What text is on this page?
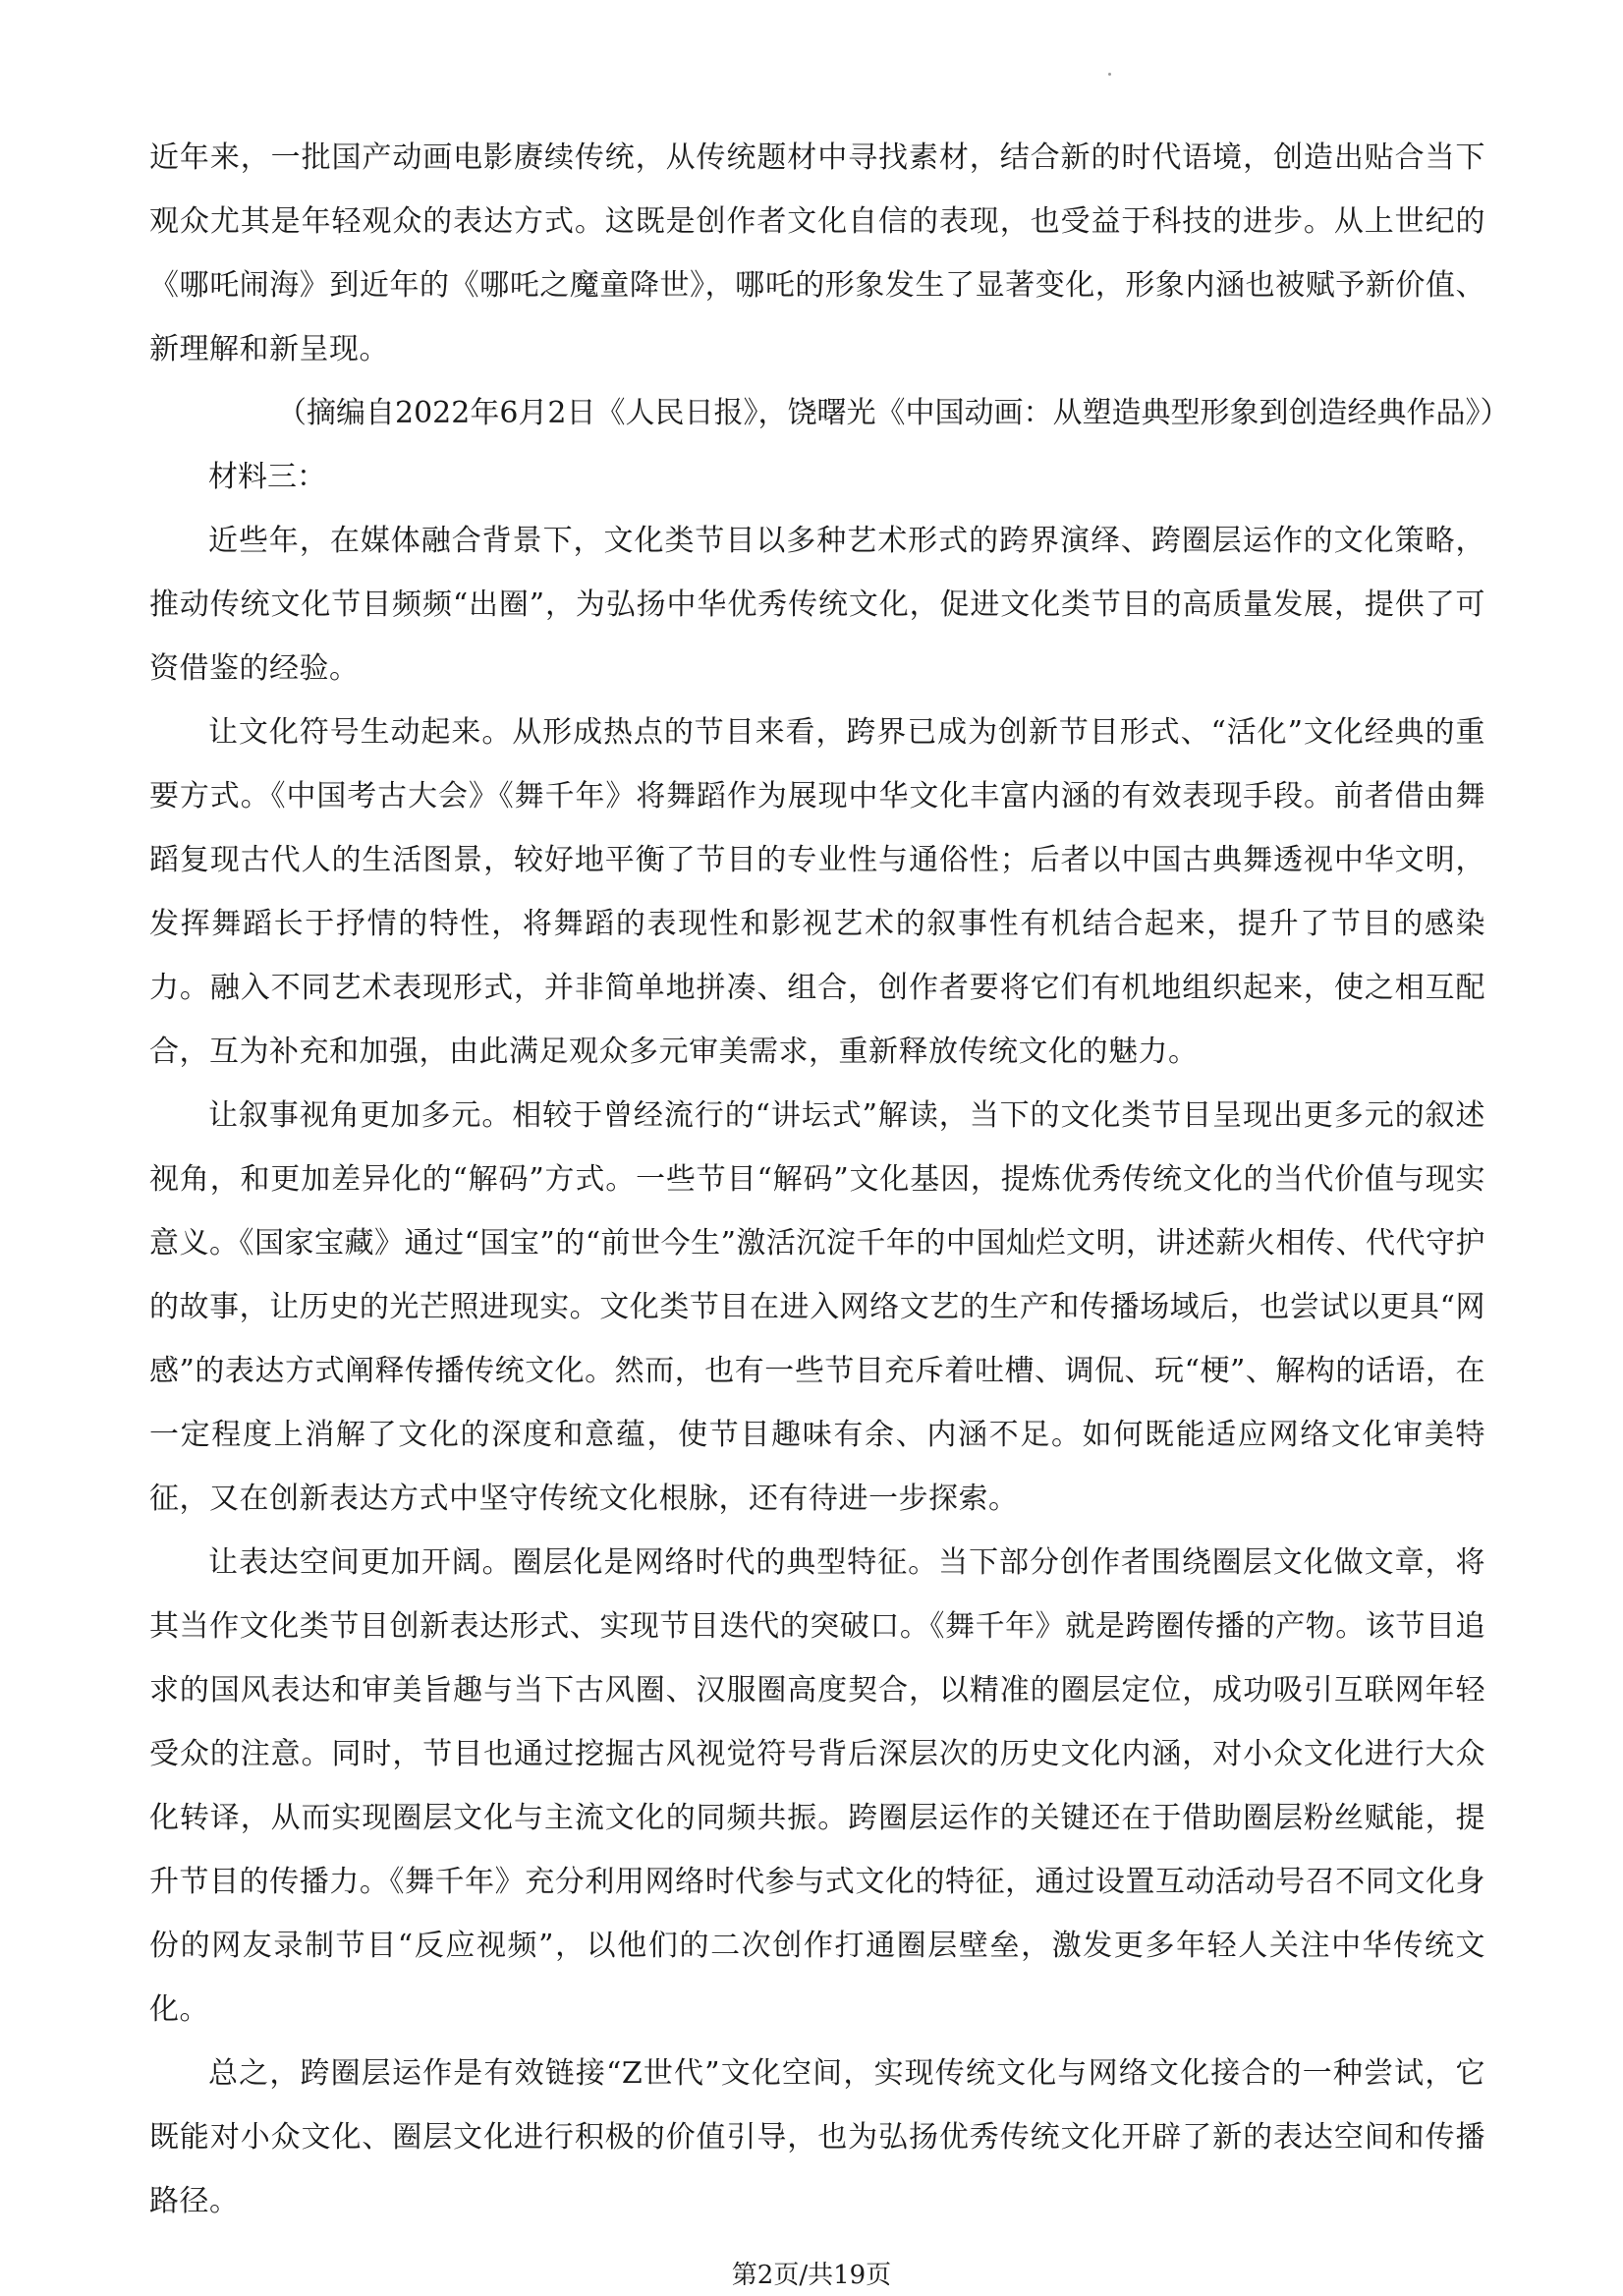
近年来，一批国产动画电影赓续传统，从传统题材中寻找素材，结合新的时代语境，创造出贴合当下观众尤其是年轻观众的表达方式。这既是创作者文化自信的表现，也受益于科技的进步。从上世纪的《哪吒闹海》到近年的《哪吒之魔童降世》，哪吒的形象发生了显著变化，形象内涵也被赋予新价值、新理解和新呈现。

（摘编自2022年6月2日《人民日报》，饶曙光《中国动画：从塑造典型形象到创造经典作品》）

材料三：

近些年，在媒体融合背景下，文化类节目以多种艺术形式的跨界演绎、跨圈层运作的文化策略，推动传统文化节目频频“出圈”，为弘扬中华优秀传统文化，促进文化类节目的高质量发展，提供了可资借鉴的经验。

让文化符号生动起来。从形成热点的节目来看，跨界已成为创新节目形式、“活化”文化经典的重要方式。《中国考古大会》《舞千年》将舞蹈作为展现中华文化丰富内涵的有效表现手段。前者借由舞蹈复现古代人的生活图景，较好地平衡了节目的专业性与通俗性；后者以中国古典舞透视中华文明，发挥舞蹈长于抒情的特性，将舞蹈的表现性和影视艺术的叙事性有机结合起来，提升了节目的感染力。融入不同艺术表现形式，并非简单地拼凑、组合，创作者要将它们有机地组织起来，使之相互配合，互为补充和加强，由此满足观众多元审美需求，重新释放传统文化的魅力。

让叙事视角更加多元。相较于曾经流行的“讲坛式”解读，当下的文化类节目呈现出更多元的叙述视角，和更加差异化的“解码”方式。一些节目“解码”文化基因，提炼优秀传统文化的当代价值与现实意义。《国家宝藏》通过“国宝”的“前世今生”激活沉淀千年的中国灿烂文明，讲述薪火相传、代代守护的故事，让历史的光芒照进现实。文化类节目在进入网络文艺的生产和传播场域后，也尝试以更具“网感”的表达方式阐释传播传统文化。然而，也有一些节目充斥着吐槽、调侃、玩“梗”、解构的话语，在一定程度上消解了文化的深度和意蕴，使节目趣味有余、内涵不足。如何既能适应网络文化审美特征，又在创新表达方式中坚守传统文化根脉，还有待进一步探索。

让表达空间更加开阔。圈层化是网络时代的典型特征。当下部分创作者围绕圈层文化做文章，将其当作文化类节目创新表达形式、实现节目迭代的突破口。《舞千年》就是跨圈传播的产物。该节目追求的国风表达和审美旨趣与当下古风圈、汉服圈高度契合，以精准的圈层定位，成功吸引互联网年轻受众的注意。同时，节目也通过挖掘古风视觉符号背后深层次的历史文化内涵，对小众文化进行大众化转译，从而实现圈层文化与主流文化的同频共振。跨圈层运作的关键还在于借助圈层粉丝赋能，提升节目的传播力。《舞千年》充分利用网络时代参与式文化的特征，通过设置互动活动号召不同文化身份的网友录制节目“反应视频”，以他们的二次创作打通圈层壁垒，激发更多年轻人关注中华传统文化。

总之，跨圈层运作是有效链接“Z世代”文化空间，实现传统文化与网络文化接合的一种尝试，它既能对小众文化、圈层文化进行积极的价值引导，也为弘扬优秀传统文化开辟了新的表达空间和传播路径。

第2页/共19页
